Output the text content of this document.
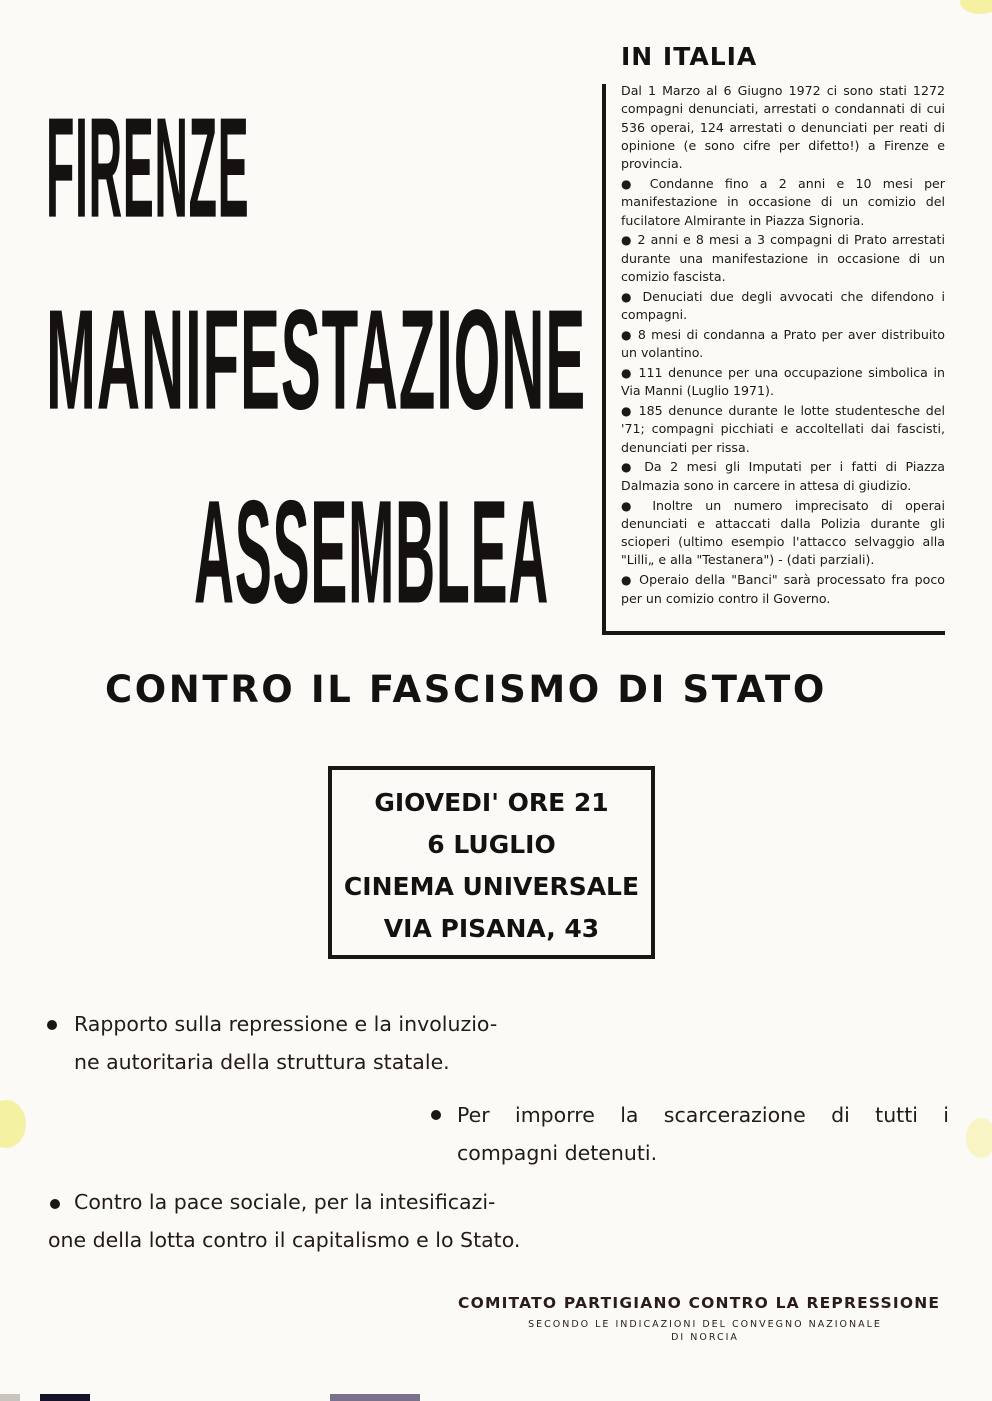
FIRENZE
MANIFESTAZIONE
ASSEMBLEA
IN ITALIA

Dal 1 Marzo al 6 Giugno 1972 ci sono stati 1272 compagni denunciati, arrestati o condannati di cui 536 operai, 124 arrestati o denunciati per reati di opinione (e sono cifre per difetto!) a Firenze e provincia.

● Condanne fino a 2 anni e 10 mesi per manifestazione in occasione di un comizio del fucilatore Almirante in Piazza Signoria.

● 2 anni e 8 mesi a 3 compagni di Prato arrestati durante una manifestazione in occasione di un comizio fascista.

● Denuciati due degli avvocati che difendono i compagni.

● 8 mesi di condanna a Prato per aver distribuito un volantino.

● 111 denunce per una occupazione simbolica in Via Manni (Luglio 1971).

● 185 denunce durante le lotte studentesche del '71; compagni picchiati e accoltellati dai fascisti, denunciati per rissa.

● Da 2 mesi gli Imputati per i fatti di Piazza Dalmazia sono in carcere in attesa di giudizio.

● Inoltre un numero imprecisato di operai denunciati e attaccati dalla Polizia durante gli scioperi (ultimo esempio l'attacco selvaggio alla "Lilli„ e alla "Testanera") - (dati parziali).

● Operaio della "Banci" sarà processato fra poco per un comizio contro il Governo.

CONTRO IL FASCISMO DI STATO
GIOVEDI' ORE 21
6 LUGLIO
CINEMA UNIVERSALE
VIA PISANA, 43
Rapporto sulla repressione e la involuzio-
ne autoritaria della struttura statale.
Per imporre la scarcerazione di tutti i
compagni detenuti.
Contro la pace sociale, per la intesificazi-
one della lotta contro il capitalismo e lo Stato.
COMITATO PARTIGIANO CONTRO LA REPRESSIONE
SECONDO LE INDICAZIONI DEL CONVEGNO NAZIONALE
DI NORCIA
